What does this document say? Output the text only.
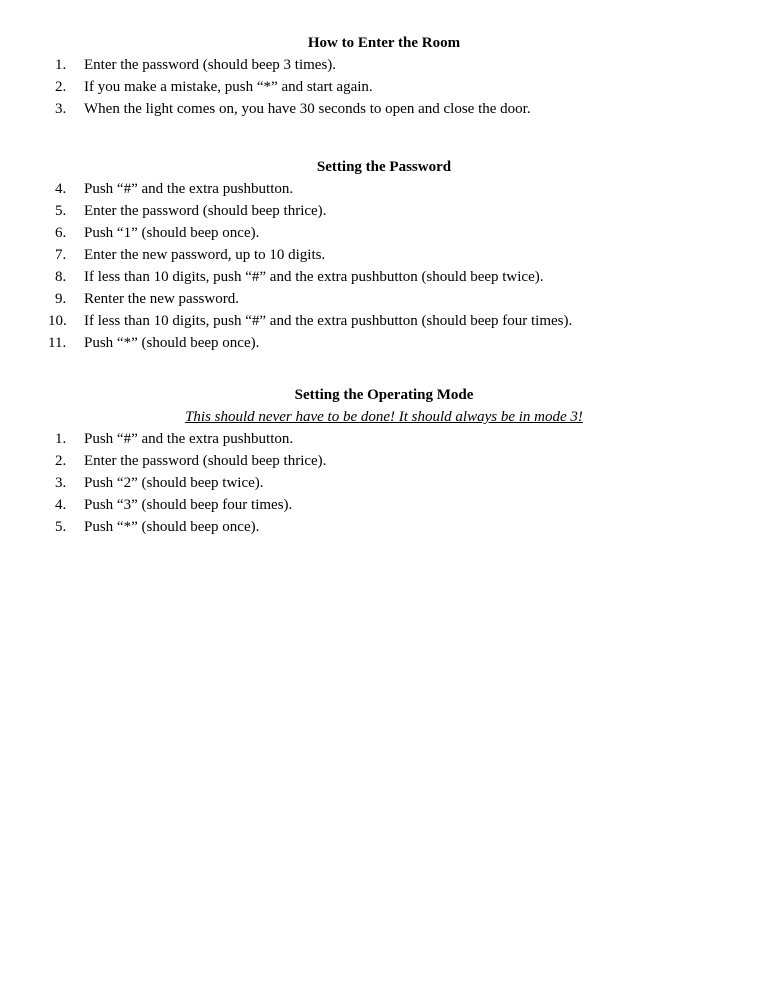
How to Enter the Room
1.	Enter the password (should beep 3 times).
2.	If you make a mistake, push “*” and start again.
3.	When the light comes on, you have 30 seconds to open and close the door.
Setting the Password
4.	Push “#” and the extra pushbutton.
5.	Enter the password (should beep thrice).
6.	Push “1” (should beep once).
7.	Enter the new password, up to 10 digits.
8.	If less than 10 digits, push “#” and the extra pushbutton (should beep twice).
9.	Renter the new password.
10.	If less than 10 digits, push “#” and the extra pushbutton (should beep four times).
11.	Push “*” (should beep once).
Setting the Operating Mode
This should never have to be done! It should always be in mode 3!
1.	Push “#” and the extra pushbutton.
2.	Enter the password (should beep thrice).
3.	Push “2” (should beep twice).
4.	Push “3” (should beep four times).
5.	Push “*” (should beep once).
